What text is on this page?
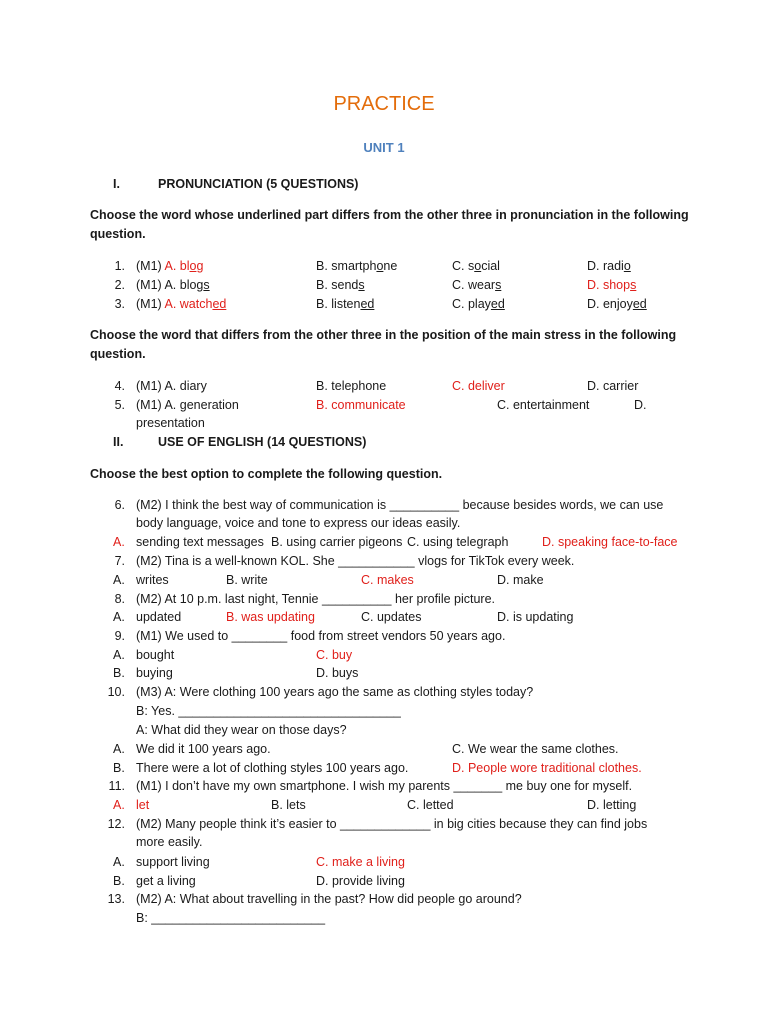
PRACTICE
UNIT 1
I.	PRONUNCIATION (5 QUESTIONS)
Choose the word whose underlined part differs from the other three in pronunciation in the following question.
1. (M1) A. blog	B. smartphone	C. social	D. radio
2. (M1) A. blogs	B. sends	C. wears	D. shops
3. (M1) A. watched	B. listened	C. played	D. enjoyed
Choose the word that differs from the other three in the position of the main stress in the following question.
4. (M1) A. diary	B. telephone	C. deliver	D. carrier
5. (M1) A. generation	B. communicate	C. entertainment	D.
presentation
II.	USE OF ENGLISH (14 QUESTIONS)
Choose the best option to complete the following question.
6. (M2) I think the best way of communication is __________ because besides words, we can use
body language, voice and tone to express our ideas easily.
A. sending text messages B. using carrier pigeons C. using telegraph	D. speaking face-to-face
7. (M2) Tina is a well-known KOL. She ___________ vlogs for TikTok every week.
A. writes	B. write	C. makes	D. make
8. (M2) At 10 p.m. last night, Tennie __________ her profile picture.
A. updated	B. was updating	C. updates	D. is updating
9. (M1) We used to ________ food from street vendors 50 years ago.
A. bought	C. buy
B. buying	D. buys
10. (M3) A: Were clothing 100 years ago the same as clothing styles today?
B: Yes. ________________________________
A: What did they wear on those days?
A. We did it 100 years ago.	C. We wear the same clothes.
B. There were a lot of clothing styles 100 years ago.	D. People wore traditional clothes.
11. (M1) I don’t have my own smartphone. I wish my parents _______ me buy one for myself.
A. let	B. lets	C. letted	D. letting
12. (M2) Many people think it’s easier to _____________ in big cities because they can find jobs
more easily.
A. support living	C. make a living
B. get a living	D. provide living
13. (M2) A: What about travelling in the past? How did people go around?
B: _________________________
